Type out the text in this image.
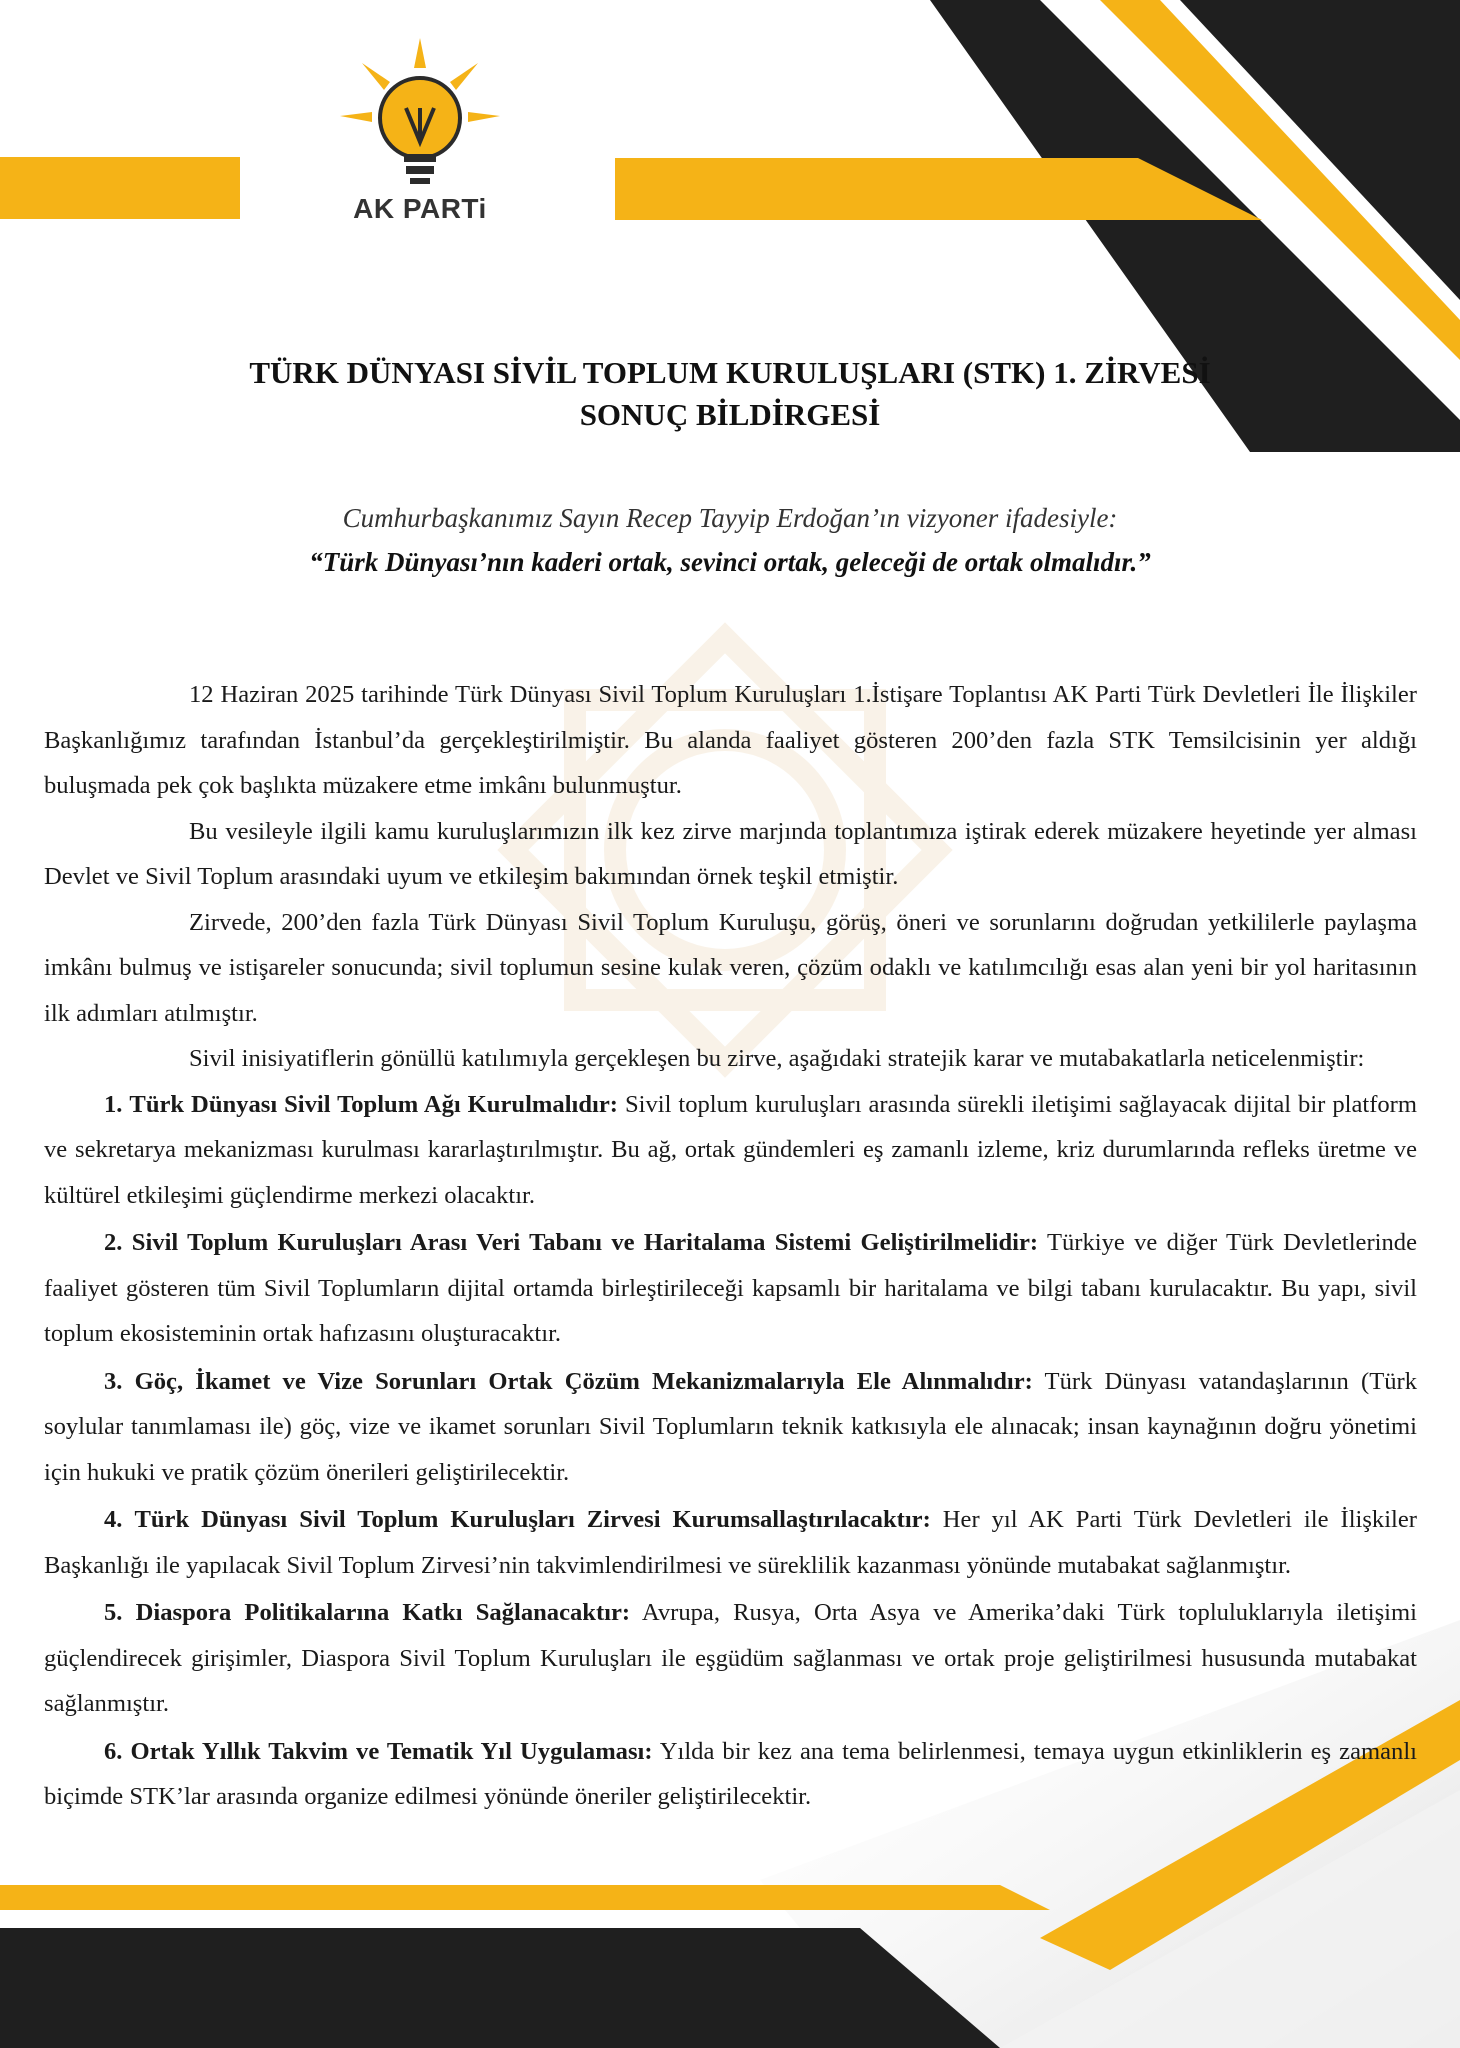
AK PARTi
TÜRK DÜNYASI SİVİL TOPLUM KURULUŞLARI (STK) 1. ZİRVESİ
SONUÇ BİLDİRGESİ
Cumhurbaşkanımız Sayın Recep Tayyip Erdoğan’ın vizyoner ifadesiyle:
“Türk Dünyası’nın kaderi ortak, sevinci ortak, geleceği de ortak olmalıdır.”

12 Haziran 2025 tarihinde Türk Dünyası Sivil Toplum Kuruluşları 1.İstişare Toplantısı AK Parti Türk Devletleri İle İlişkiler Başkanlığımız tarafından İstanbul’da gerçekleştirilmiştir. Bu alanda faaliyet gösteren 200’den fazla STK Temsilcisinin yer aldığı buluşmada pek çok başlıkta müzakere etme imkânı bulunmuştur.

Bu vesileyle ilgili kamu kuruluşlarımızın ilk kez zirve marjında toplantımıza iştirak ederek müzakere heyetinde yer alması Devlet ve Sivil Toplum arasındaki uyum ve etkileşim bakımından örnek teşkil etmiştir.

Zirvede, 200’den fazla Türk Dünyası Sivil Toplum Kuruluşu, görüş, öneri ve sorunlarını doğrudan yetkililerle paylaşma imkânı bulmuş ve istişareler sonucunda; sivil toplumun sesine kulak veren, çözüm odaklı ve katılımcılığı esas alan yeni bir yol haritasının ilk adımları atılmıştır.

Sivil inisiyatiflerin gönüllü katılımıyla gerçekleşen bu zirve, aşağıdaki stratejik karar ve mutabakatlarla neticelenmiştir:

1. Türk Dünyası Sivil Toplum Ağı Kurulmalıdır: Sivil toplum kuruluşları arasında sürekli iletişimi sağlayacak dijital bir platform ve sekretarya mekanizması kurulması kararlaştırılmıştır. Bu ağ, ortak gündemleri eş zamanlı izleme, kriz durumlarında refleks üretme ve kültürel etkileşimi güçlendirme merkezi olacaktır.
2. Sivil Toplum Kuruluşları Arası Veri Tabanı ve Haritalama Sistemi Geliştirilmelidir: Türkiye ve diğer Türk Devletlerinde faaliyet gösteren tüm Sivil Toplumların dijital ortamda birleştirileceği kapsamlı bir haritalama ve bilgi tabanı kurulacaktır. Bu yapı, sivil toplum ekosisteminin ortak hafızasını oluşturacaktır.
3. Göç, İkamet ve Vize Sorunları Ortak Çözüm Mekanizmalarıyla Ele Alınmalıdır: Türk Dünyası vatandaşlarının (Türk soylular tanımlaması ile) göç, vize ve ikamet sorunları Sivil Toplumların teknik katkısıyla ele alınacak; insan kaynağının doğru yönetimi için hukuki ve pratik çözüm önerileri geliştirilecektir.
4. Türk Dünyası Sivil Toplum Kuruluşları Zirvesi Kurumsallaştırılacaktır: Her yıl AK Parti Türk Devletleri ile İlişkiler Başkanlığı ile yapılacak Sivil Toplum Zirvesi’nin takvimlendirilmesi ve süreklilik kazanması yönünde mutabakat sağlanmıştır.
5. Diaspora Politikalarına Katkı Sağlanacaktır: Avrupa, Rusya, Orta Asya ve Amerika’daki Türk topluluklarıyla iletişimi güçlendirecek girişimler, Diaspora Sivil Toplum Kuruluşları ile eşgüdüm sağlanması ve ortak proje geliştirilmesi hususunda mutabakat sağlanmıştır.
6. Ortak Yıllık Takvim ve Tematik Yıl Uygulaması: Yılda bir kez ana tema belirlenmesi, temaya uygun etkinliklerin eş zamanlı biçimde STK’lar arasında organize edilmesi yönünde öneriler geliştirilecektir.
